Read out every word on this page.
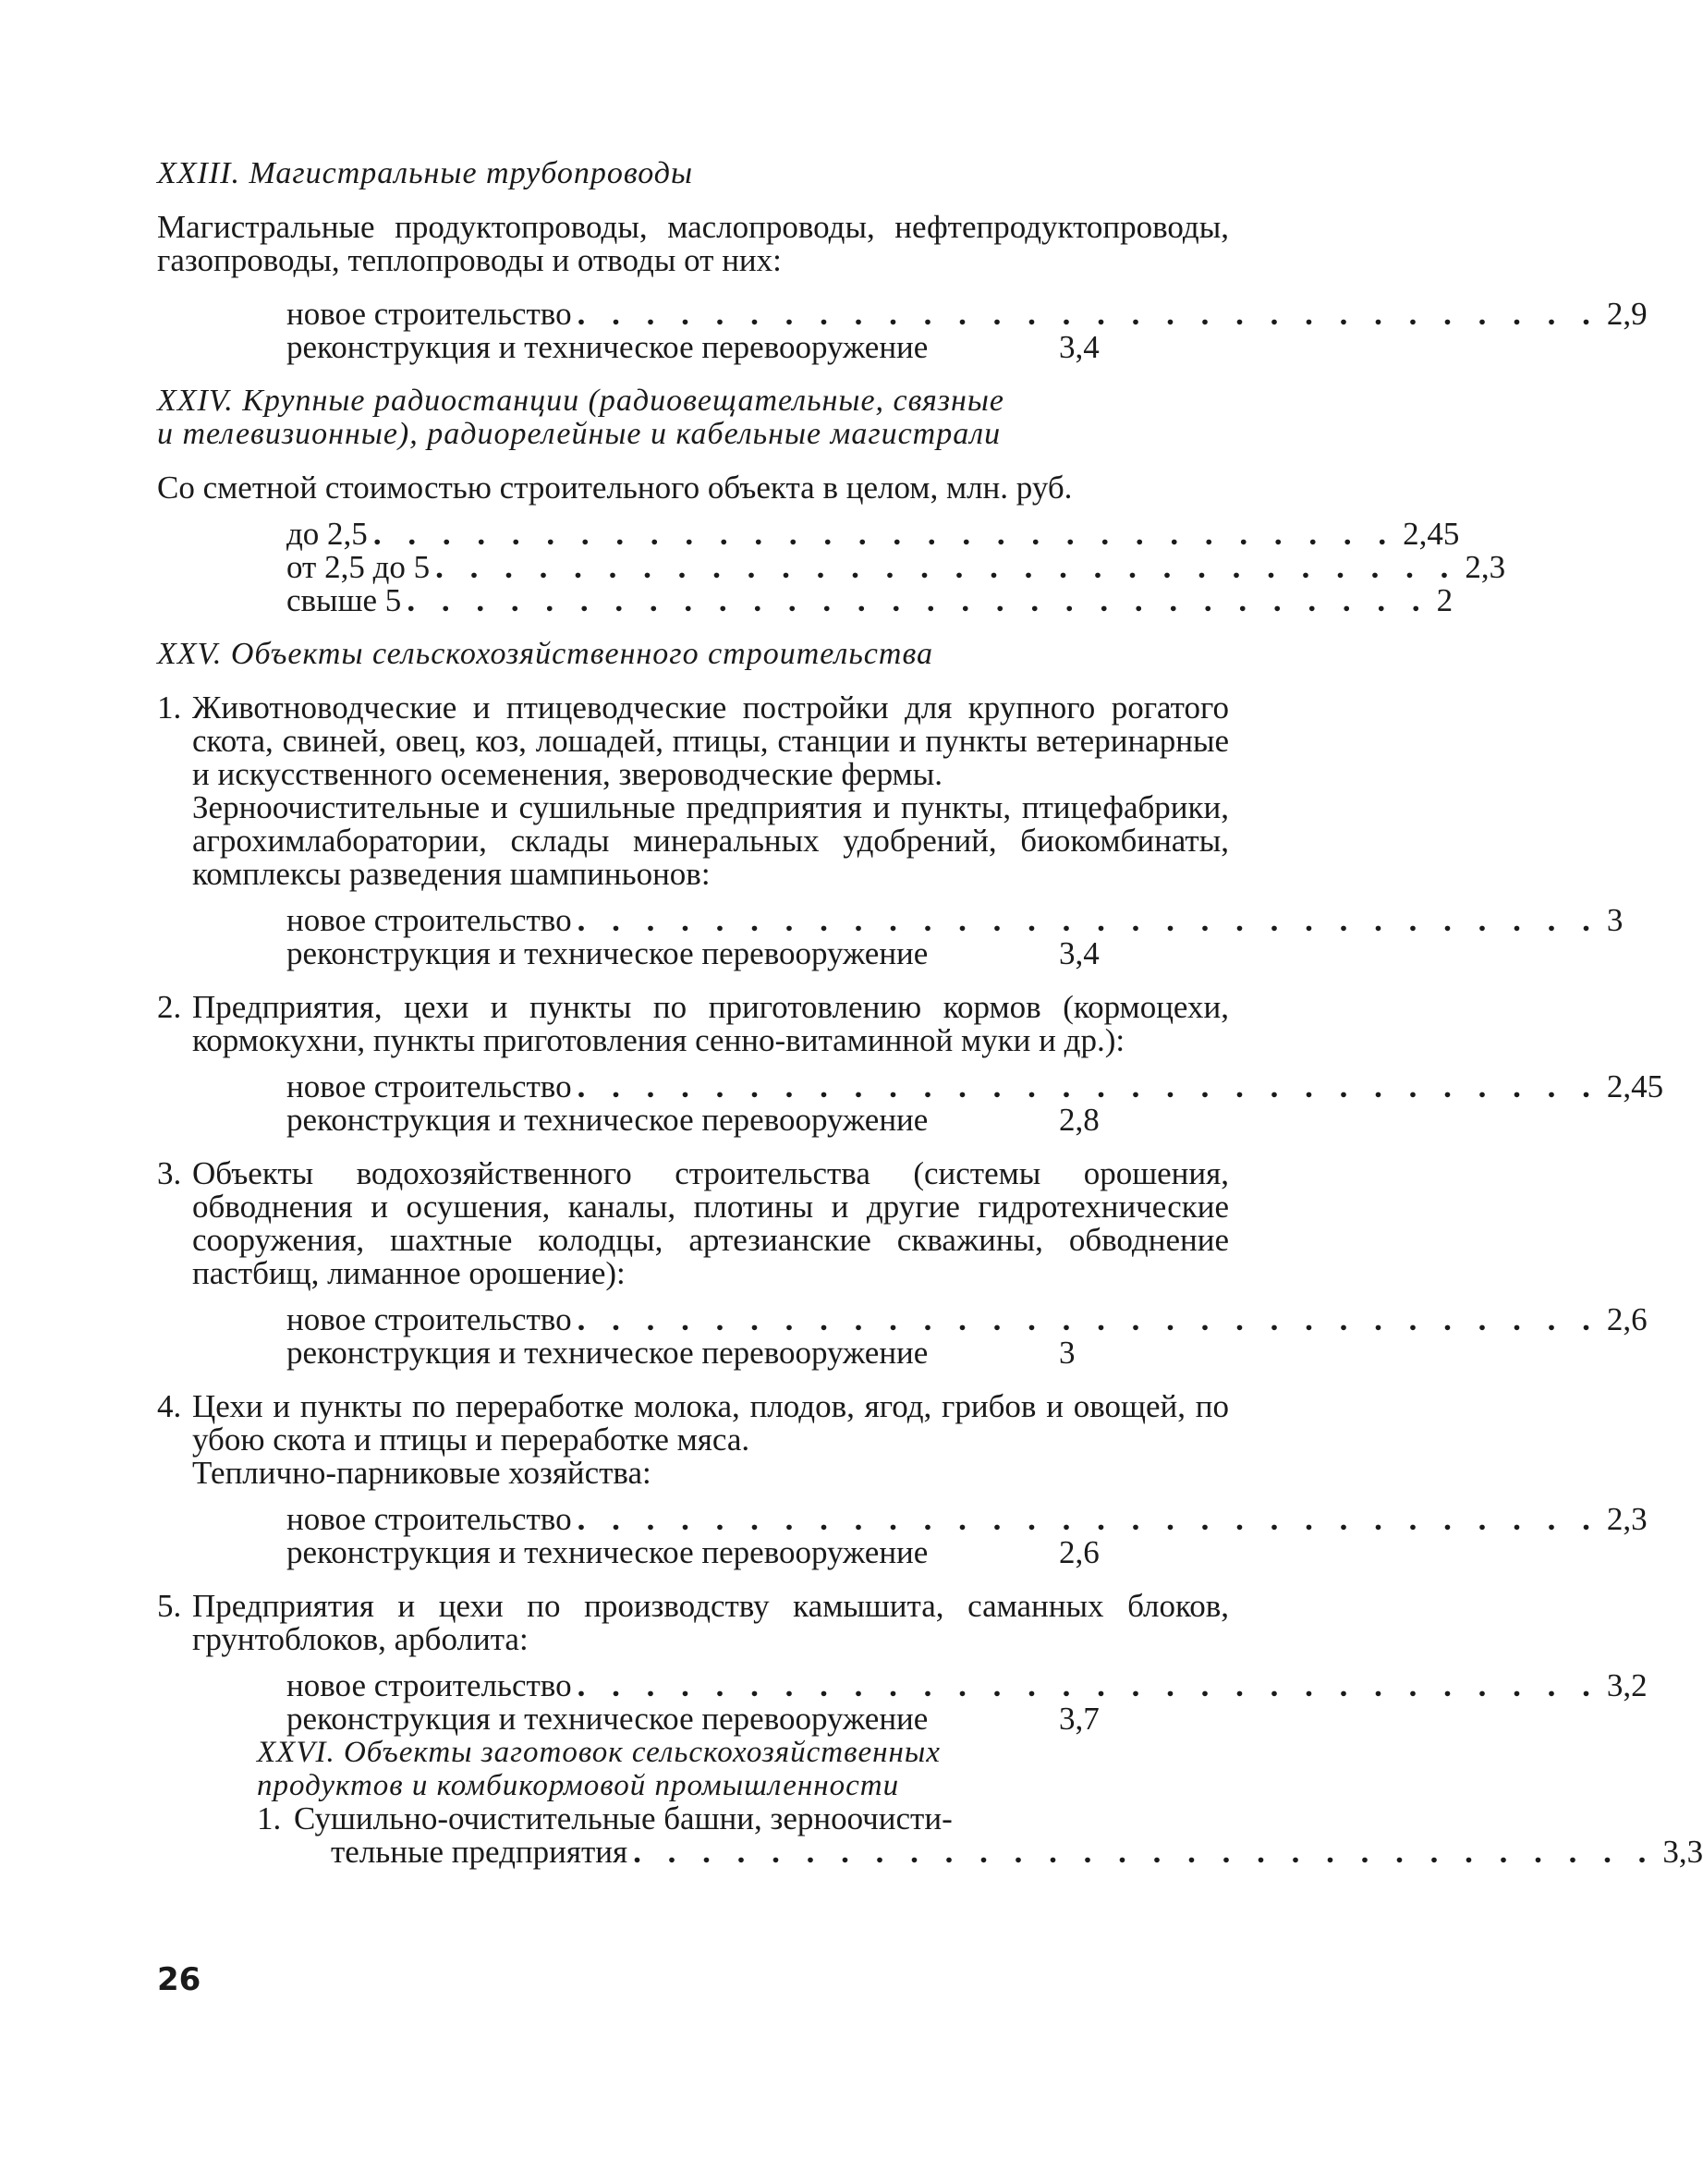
XXIII. Магистральные трубопроводы

Магистральные продуктопроводы, маслопроводы, нефтепродуктопроводы, газопроводы, теплопроводы и отводы от них:

новое строительство . . . . . . . . . . . . . . . . . . . . . . . . . . . . . . 2,9
реконструкция и техническое перевооружение	3,4
XXIV. Крупные радиостанции (радиовещательные, связные
и телевизионные), радиорелейные и кабельные магистрали

Со сметной стоимостью строительного объекта в целом, млн. руб.

до 2,5 . . . . . . . . . . . . . . . . . . . . . . . . . . . . . . 2,45
от 2,5 до 5 . . . . . . . . . . . . . . . . . . . . . . . . . . . . . . 2,3
свыше 5 . . . . . . . . . . . . . . . . . . . . . . . . . . . . . . 2
XXV. Объекты сельскохозяйственного строительства
1. Животноводческие и птицеводческие постройки для крупного рогатого скота, свиней, овец, коз, лошадей, птицы, станции и пункты ветеринарные и искусственного осеменения, звероводческие фермы.

Зерноочистительные и сушильные предприятия и пункты, птицефабрики, агрохимлаборатории, склады минеральных удобрений, биокомбинаты, комплексы разведения шампиньонов:

новое строительство . . . . . . . . . . . . . . . . . . . . . . . . . . . . . . 3
реконструкция и техническое перевооружение	3,4
2. Предприятия, цехи и пункты по приготовлению кормов (кормоцехи, кормокухни, пункты приготовления сенно-витаминной муки и др.):

новое строительство . . . . . . . . . . . . . . . . . . . . . . . . . . . . . . 2,45
реконструкция и техническое перевооружение	2,8
3. Объекты водохозяйственного строительства (системы орошения, обводнения и осушения, каналы, плотины и другие гидротехнические сооружения, шахтные колодцы, артезианские скважины, обводнение пастбищ, лиманное орошение):

новое строительство . . . . . . . . . . . . . . . . . . . . . . . . . . . . . . 2,6
реконструкция и техническое перевооружение	3
4. Цехи и пункты по переработке молока, плодов, ягод, грибов и овощей, по убою скота и птицы и переработке мяса.

Теплично-парниковые хозяйства:

новое строительство . . . . . . . . . . . . . . . . . . . . . . . . . . . . . . 2,3
реконструкция и техническое перевооружение	2,6
5. Предприятия и цехи по производству камышита, саманных блоков, грунтоблоков, арболита:

новое строительство . . . . . . . . . . . . . . . . . . . . . . . . . . . . . . 3,2
реконструкция и техническое перевооружение	3,7
XXVI. Объекты заготовок сельскохозяйственных
продуктов и комбикормовой промышленности
1. Сушильно-очистительные башни, зерноочисти-
тельные предприятия . . . . . . . . . . . . . . . . . . . . . . . . . . . . . . 3,3
26
